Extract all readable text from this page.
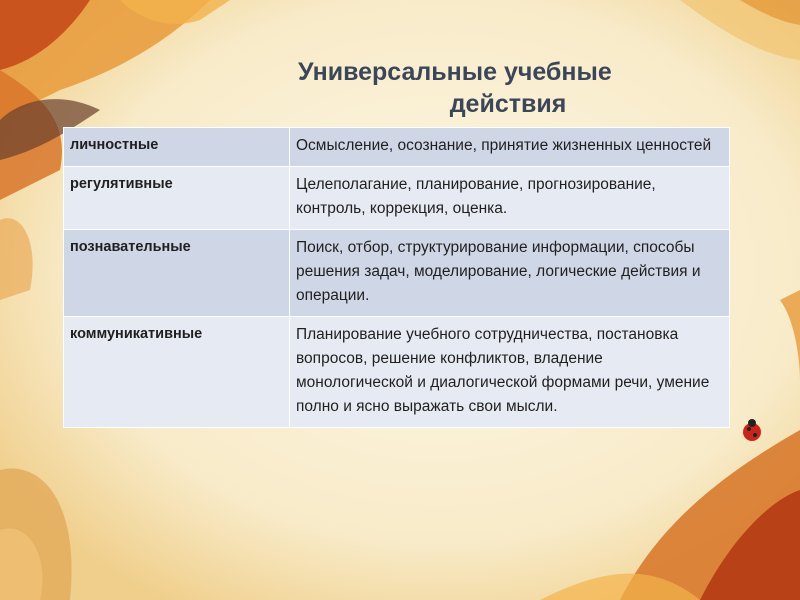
Универсальные учебные
действия
личностные	Осмысление, осознание, принятие жизненных ценностей
регулятивные	Целеполагание, планирование, прогнозирование, контроль, коррекция, оценка.
познавательные	Поиск, отбор, структурирование информации, способы решения задач, моделирование, логические действия и операции.
коммуникативные	Планирование учебного сотрудничества, постановка вопросов, решение конфликтов, владение монологической и диалогической формами речи, умение полно и ясно выражать свои мысли.
